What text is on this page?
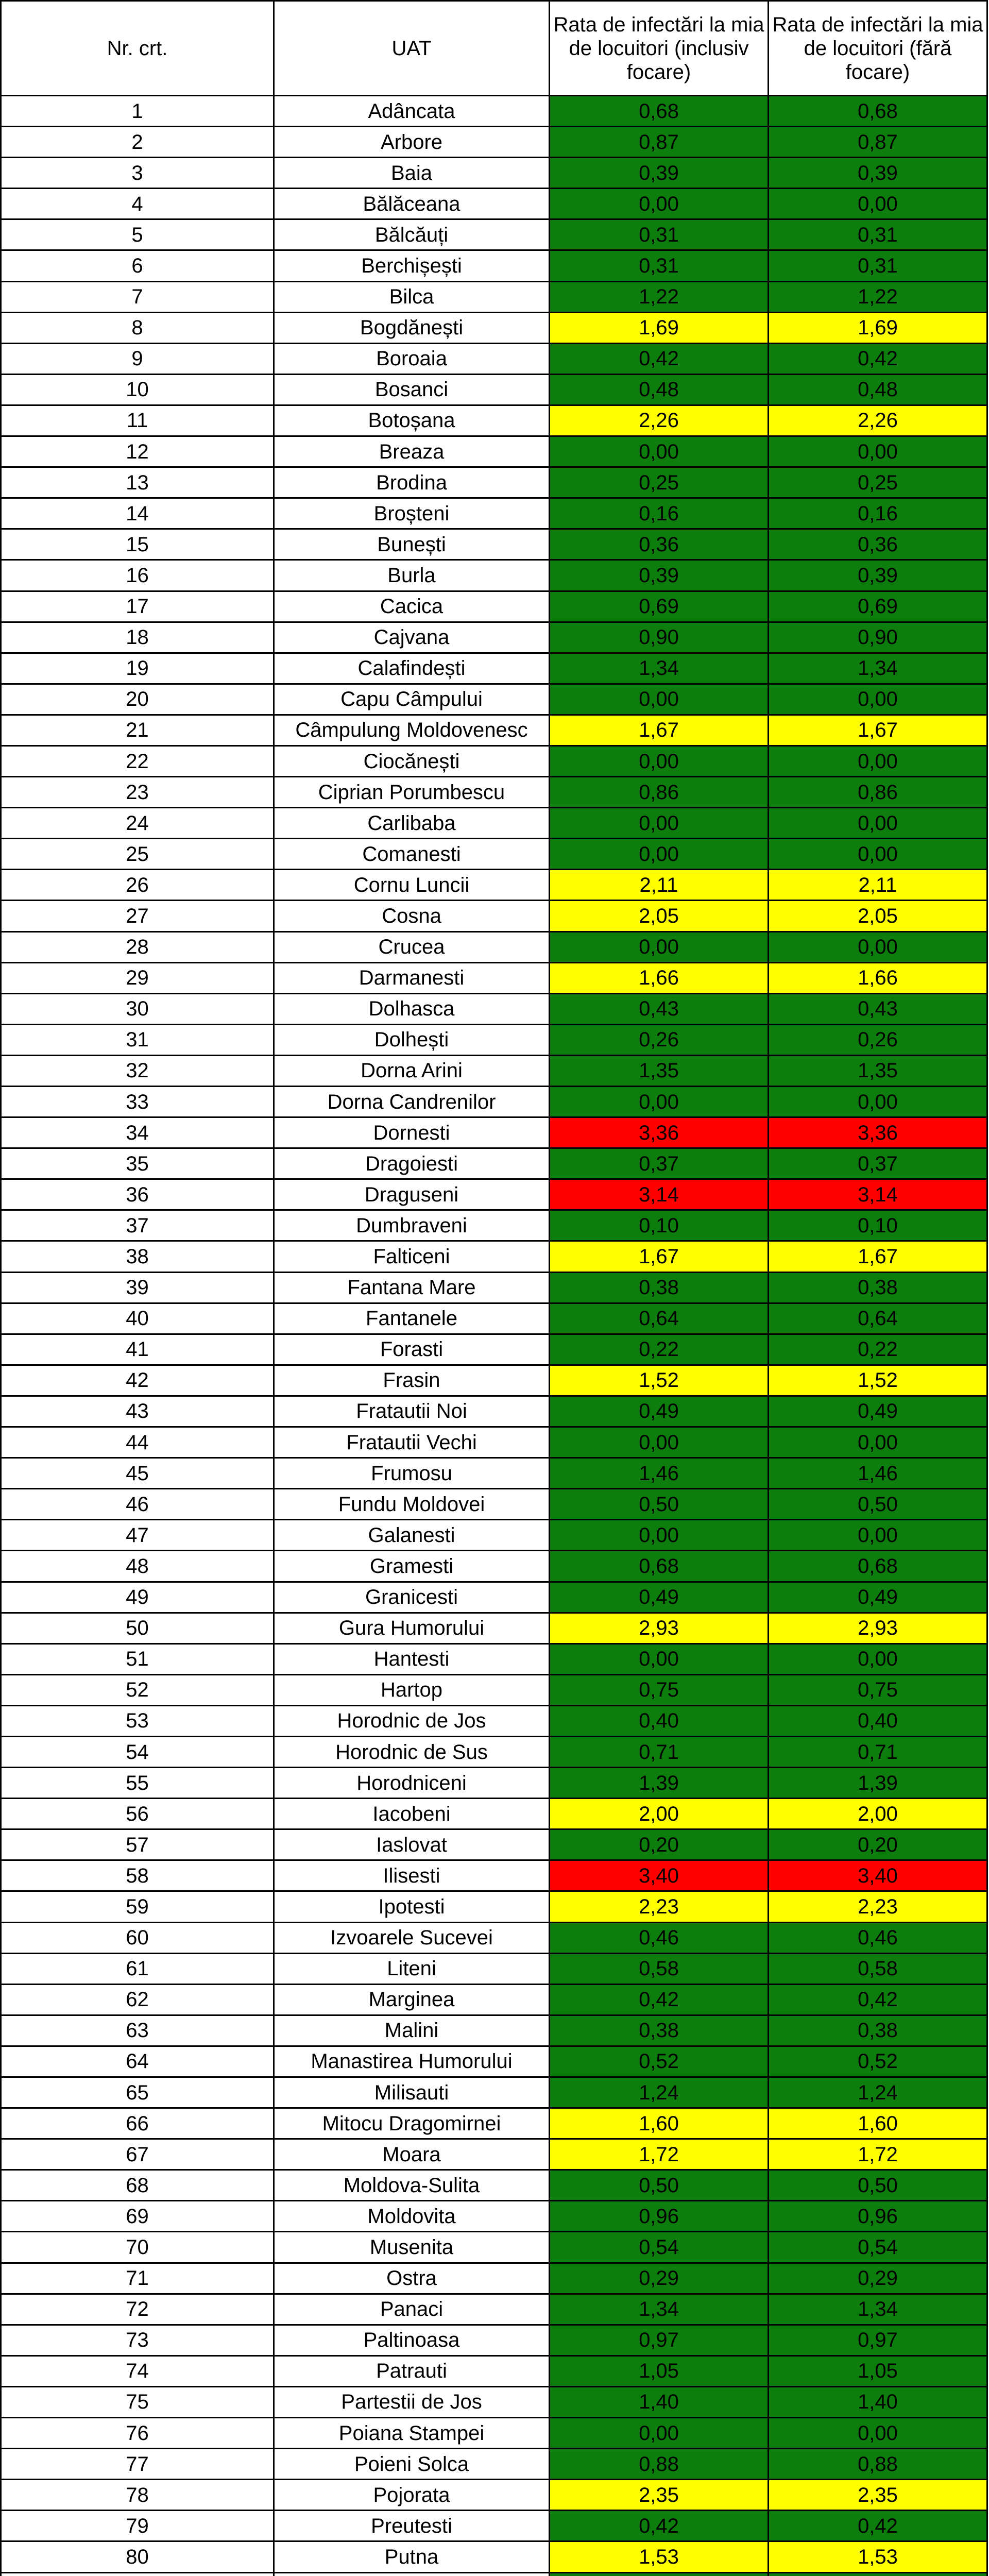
Nr. crt.	UAT	Rata de infectări la mia de locuitori (inclusiv focare)	Rata de infectări la mia de locuitori (fără focare)
1	Adâncata	0,68	0,68
2	Arbore	0,87	0,87
3	Baia	0,39	0,39
4	Bălăceana	0,00	0,00
5	Bălcăuți	0,31	0,31
6	Berchișești	0,31	0,31
7	Bilca	1,22	1,22
8	Bogdănești	1,69	1,69
9	Boroaia	0,42	0,42
10	Bosanci	0,48	0,48
11	Botoșana	2,26	2,26
12	Breaza	0,00	0,00
13	Brodina	0,25	0,25
14	Broșteni	0,16	0,16
15	Bunești	0,36	0,36
16	Burla	0,39	0,39
17	Cacica	0,69	0,69
18	Cajvana	0,90	0,90
19	Calafindești	1,34	1,34
20	Capu Câmpului	0,00	0,00
21	Câmpulung Moldovenesc	1,67	1,67
22	Ciocănești	0,00	0,00
23	Ciprian Porumbescu	0,86	0,86
24	Carlibaba	0,00	0,00
25	Comanesti	0,00	0,00
26	Cornu Luncii	2,11	2,11
27	Cosna	2,05	2,05
28	Crucea	0,00	0,00
29	Darmanesti	1,66	1,66
30	Dolhasca	0,43	0,43
31	Dolhești	0,26	0,26
32	Dorna Arini	1,35	1,35
33	Dorna Candrenilor	0,00	0,00
34	Dornesti	3,36	3,36
35	Dragoiesti	0,37	0,37
36	Draguseni	3,14	3,14
37	Dumbraveni	0,10	0,10
38	Falticeni	1,67	1,67
39	Fantana Mare	0,38	0,38
40	Fantanele	0,64	0,64
41	Forasti	0,22	0,22
42	Frasin	1,52	1,52
43	Fratautii Noi	0,49	0,49
44	Fratautii Vechi	0,00	0,00
45	Frumosu	1,46	1,46
46	Fundu Moldovei	0,50	0,50
47	Galanesti	0,00	0,00
48	Gramesti	0,68	0,68
49	Granicesti	0,49	0,49
50	Gura Humorului	2,93	2,93
51	Hantesti	0,00	0,00
52	Hartop	0,75	0,75
53	Horodnic de Jos	0,40	0,40
54	Horodnic de Sus	0,71	0,71
55	Horodniceni	1,39	1,39
56	Iacobeni	2,00	2,00
57	Iaslovat	0,20	0,20
58	Ilisesti	3,40	3,40
59	Ipotesti	2,23	2,23
60	Izvoarele Sucevei	0,46	0,46
61	Liteni	0,58	0,58
62	Marginea	0,42	0,42
63	Malini	0,38	0,38
64	Manastirea Humorului	0,52	0,52
65	Milisauti	1,24	1,24
66	Mitocu Dragomirnei	1,60	1,60
67	Moara	1,72	1,72
68	Moldova-Sulita	0,50	0,50
69	Moldovita	0,96	0,96
70	Musenita	0,54	0,54
71	Ostra	0,29	0,29
72	Panaci	1,34	1,34
73	Paltinoasa	0,97	0,97
74	Patrauti	1,05	1,05
75	Partestii de Jos	1,40	1,40
76	Poiana Stampei	0,00	0,00
77	Poieni Solca	0,88	0,88
78	Pojorata	2,35	2,35
79	Preutesti	0,42	0,42
80	Putna	1,53	1,53
